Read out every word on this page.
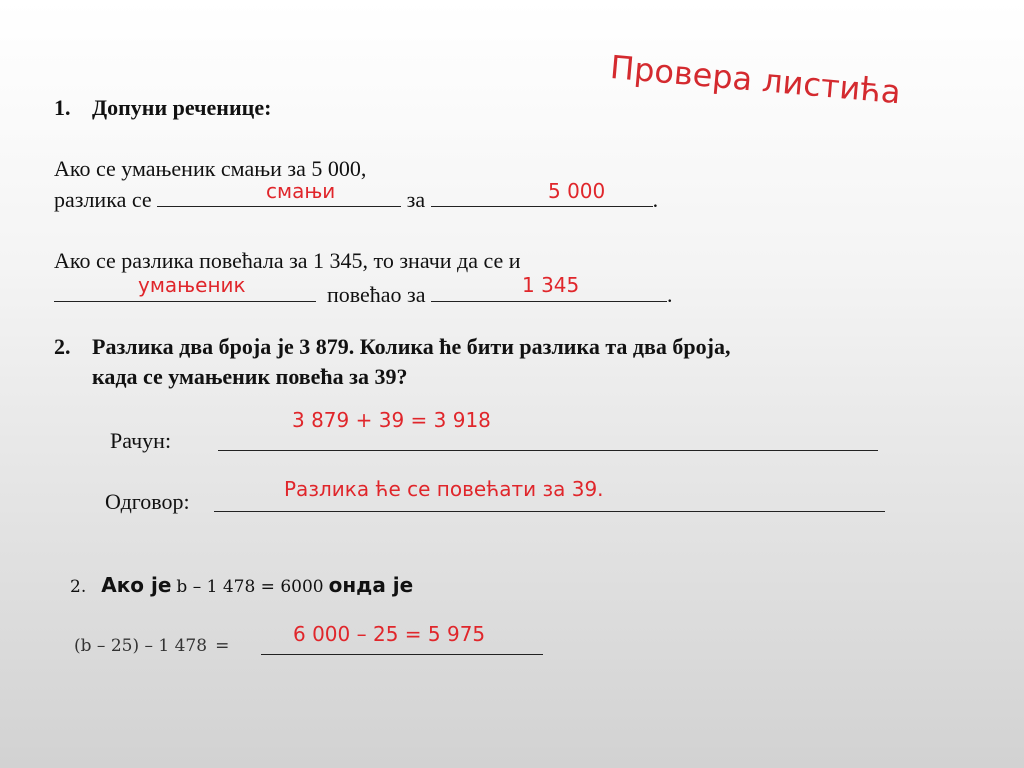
Провера листића
1. Допуни реченице:
Ако се умањеник смањи за 5 000,
разлика се	за	.
смањи	5 000
Ако се разлика повећала за 1 345, то значи да се и
повећао за	.
умањеник	1 345
2. Разлика два броја је 3 879. Колика ће бити разлика та два броја,
када се умањеник повећа за 39?
3 879 + 39 = 3 918
Рачун:
Разлика ће се повећати за 39.
Одговор:
2. Ако је b – 1 478 = 6000 онда је
6 000 – 25 = 5 975
(b – 25) – 1 478 =
